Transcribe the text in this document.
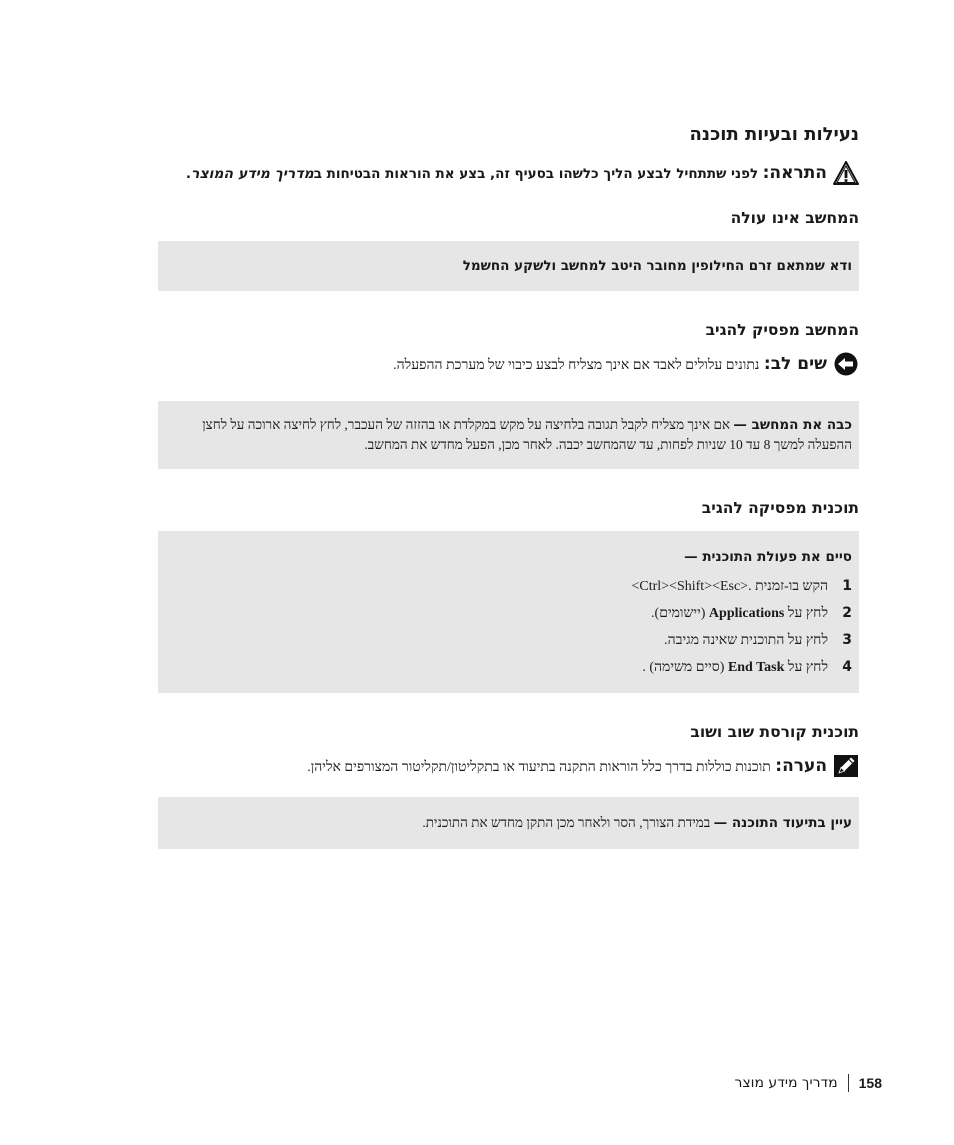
נעילות ובעיות תוכנה
התראה: לפני שתתחיל לבצע הליך כלשהו בסעיף זה, בצע את הוראות הבטיחות במדריך מידע המוצר.
המחשב אינו עולה

ודא שמתאם זרם החילופין מחובר היטב למחשב ולשקע החשמל

המחשב מפסיק להגיב
שים לב: נתונים עלולים לאבד אם אינך מצליח לבצע כיבוי של מערכת ההפעלה.

כבה את המחשב — אם אינך מצליח לקבל תגובה בלחיצה על מקש במקלדת או בהזזה של העכבר, לחץ לחיצה ארוכה על לחצן ההפעלה למשך 8 עד 10 שניות לפחות, עד שהמחשב יכבה. לאחר מכן, הפעל מחדש את המחשב.

תוכנית מפסיקה להגיב

סיים את פעולת התוכנית —

1
הקש בו-זמנית <Ctrl><Shift><Esc>.
2
לחץ על Applications (יישומים).
3
לחץ על התוכנית שאינה מגיבה.
4
לחץ על End Task (סיים משימה) .
תוכנית קורסת שוב ושוב
הערה: תוכנות כוללות בדרך כלל הוראות התקנה בתיעוד או בתקליטון/תקליטור המצורפים אליהן.

עיין בתיעוד התוכנה — במידת הצורך, הסר ולאחר מכן התקן מחדש את התוכנית.

158
מדריך מידע מוצר
